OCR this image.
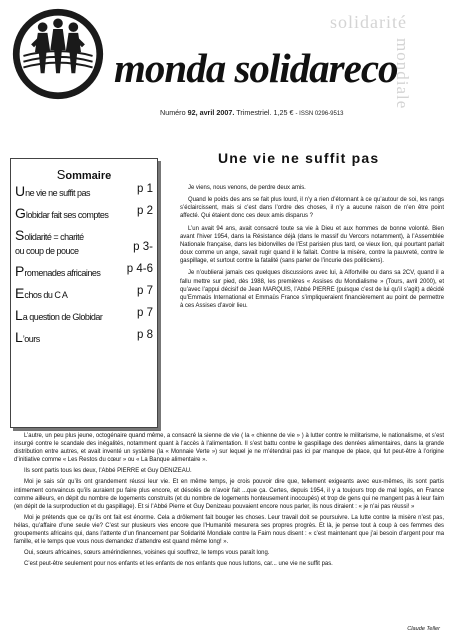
monda solidareco
solidarité
mondiale
Numéro 92, avril 2007. Trimestriel. 1,25 € - ISSN 0296-9513
Sommaire
Une vie ne suffit pas	p 1
Globidar fait ses comptes p 2
Solidarité = charité
ou coup de pouce	p 3-
Promenades africaines p 4-6
Echos du C A	p 7
La question de Globidar	p 7
L’ours	p 8
Une vie ne suffit pas

Je viens, nous venons, de perdre deux amis.

Quand le poids des ans se fait plus lourd, il n’y a rien d’étonnant à ce qu’autour de soi, les rangs s’éclaircissent, mais si c’est dans l’ordre des choses, il n’y a aucune raison de n’en être point affecté. Qui étaient donc ces deux amis disparus ?

L’un avait 94 ans, avait consacré toute sa vie à Dieu et aux hommes de bonne volonté. Bien avant l’hiver 1954, dans la Résistance déjà (dans le massif du Vercors notamment), à l’Assemblée Nationale française, dans les bidonvilles de l’Est parisien plus tard, ce vieux lion, qui pourtant parlait doux comme un ange, savait rugir quand il le fallait. Contre la misère, contre la pauvreté, contre le gaspillage, et surtout contre la fatalité (sans parler de l’incurie des politiciens).

Je n’oublierai jamais ces quelques discussions avec lui, à Alfortville ou dans sa 2CV, quand il a fallu mettre sur pied, dès 1988, les premières « Assises du Mondialisme » (Tours, avril 2000), et qu’avec l’appui décisif de Jean MARQUIS, l’Abbé PIERRE (puisque c’est de lui qu’il s’agit) a décidé qu’Emmaüs International et Emmaüs France s’impliqueraient financièrement au point de permettre à ces Assises d’avoir lieu.

L’autre, un peu plus jeune, octogénaire quand même, a consacré la sienne de vie ( la « chienne de vie » ) à lutter contre le militarisme, le nationalisme, et s’est insurgé contre le scandale des inégalités, notamment quant à l’accès à l’alimentation. Il s’est battu contre le gaspillage des denrées alimentaires, dans la grande distribution entre autres, et avait inventé un système (la « Monnaie Verte ») sur lequel je ne m’étendrai pas ici par manque de place, qui fut peut-être à l’origine d’initiative comme « Les Restos du cœur » ou « La Banque alimentaire ».

Ils sont partis tous les deux, l’Abbé PIERRE et Guy DENIZEAU.

Moi je sais sûr qu’ils ont grandement réussi leur vie. Et en même temps, je crois pouvoir dire que, tellement exigeants avec eux-mêmes, ils sont partis intimement convaincus qu’ils auraient pu faire plus encore, et désolés de n’avoir fait ...que ça. Certes, depuis 1954, il y a toujours trop de mal logés, en France comme ailleurs, en dépit du nombre de logements construits (et du nombre de logements honteusement inoccupés) et trop de gens qui ne mangent pas à leur faim (en dépit de la surproduction et du gaspillage). Et si l’Abbé Pierre et Guy Denizeau pouvaient encore nous parler, ils nous diraient : « je n’ai pas réussi! »

Moi je prétends que ce qu’ils ont fait est énorme. Cela a drôlement fait bouger les choses. Leur travail doit se poursuivre. La lutte contre la misère n’est pas, hélas, qu’affaire d’une seule vie? C’est sur plusieurs vies encore que l’Humanité mesurera ses propres progrès. Et là, je pense tout à coup à ces femmes des groupements africains qui, dans l’attente d’un financement par Solidarité Mondiale contre la Faim nous disent : « c’est maintenant que j’ai besoin d’argent pour ma famille, et le temps que vous nous demandez d’attendre est quand même long! ».

Oui, sœurs africaines, sœurs amérindiennes, voisines qui souffrez, le temps vous paraît long.

C’est peut-être seulement pour nos enfants et les enfants de nos enfants que nous luttons, car... une vie ne suffit pas.

Claude Teller
